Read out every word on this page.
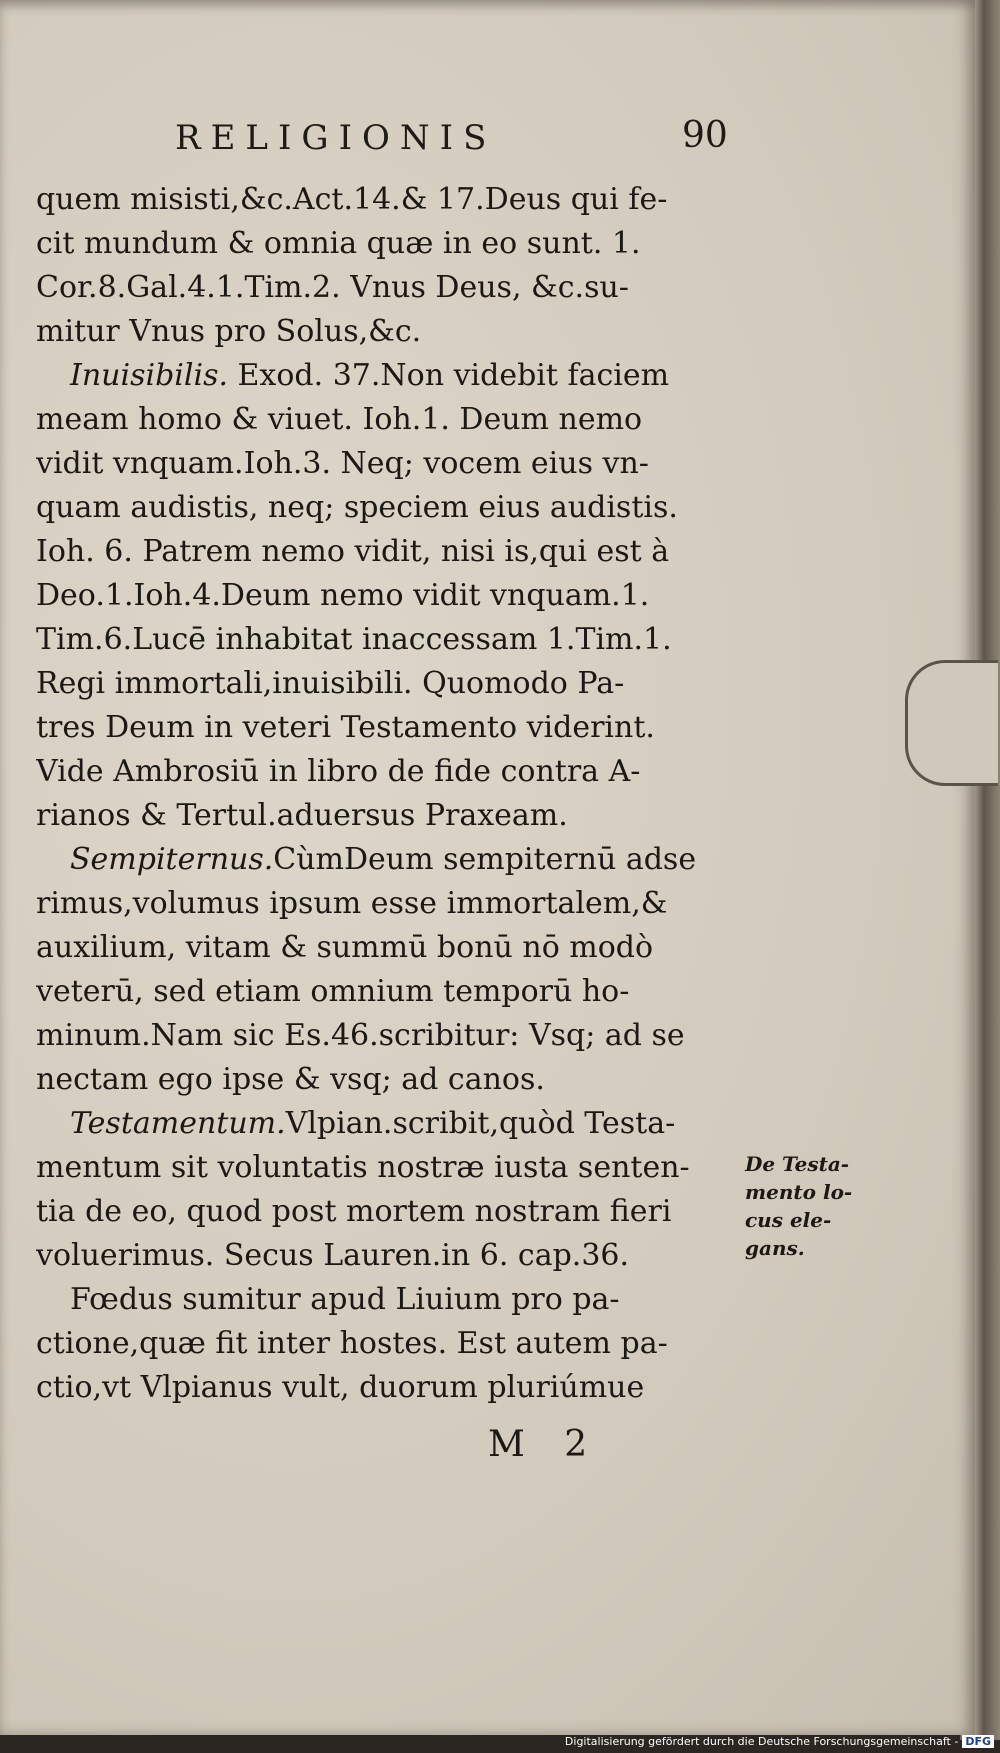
RELIGIONIS	90
quem misisti,&c.Act.14.& 17.Deus qui fe-
cit mundum & omnia quæ in eo sunt. 1.
Cor.8.Gal.4.1.Tim.2. Vnus Deus, &c.su-
mitur Vnus pro Solus,&c.
Inuisibilis. Exod. 37.Non videbit faciem
meam homo & viuet. Ioh.1. Deum nemo
vidit vnquam.Ioh.3. Neq; vocem eius vn-
quam audistis, neq; speciem eius audistis.
Ioh. 6. Patrem nemo vidit, nisi is,qui est à
Deo.1.Ioh.4.Deum nemo vidit vnquam.1.
Tim.6.Lucē inhabitat inaccessam 1.Tim.1.
Regi immortali,inuisibili. Quomodo Pa-
tres Deum in veteri Testamento viderint.
Vide Ambrosiū in libro de fide contra A-
rianos & Tertul.aduersus Praxeam.
Sempiternus.CùmDeum sempiternū adse
rimus,volumus ipsum esse immortalem,&
auxilium, vitam & summū bonū nō modò
veterū, sed etiam omnium temporū ho-
minum.Nam sic Es.46.scribitur: Vsq; ad se
nectam ego ipse & vsq; ad canos.
Testamentum.Vlpian.scribit,quòd Testa-
mentum sit voluntatis nostræ iusta senten-
tia de eo, quod post mortem nostram fieri
voluerimus. Secus Lauren.in 6. cap.36.
Fœdus sumitur apud Liuium pro pa-
ctione,quæ fit inter hostes. Est autem pa-
ctio,vt Vlpianus vult, duorum pluriúmue
De Testa-
mento lo-
cus ele-
gans.
M 2
Digitalisierung gefördert durch die Deutsche Forschungsgemeinschaft - DFG
